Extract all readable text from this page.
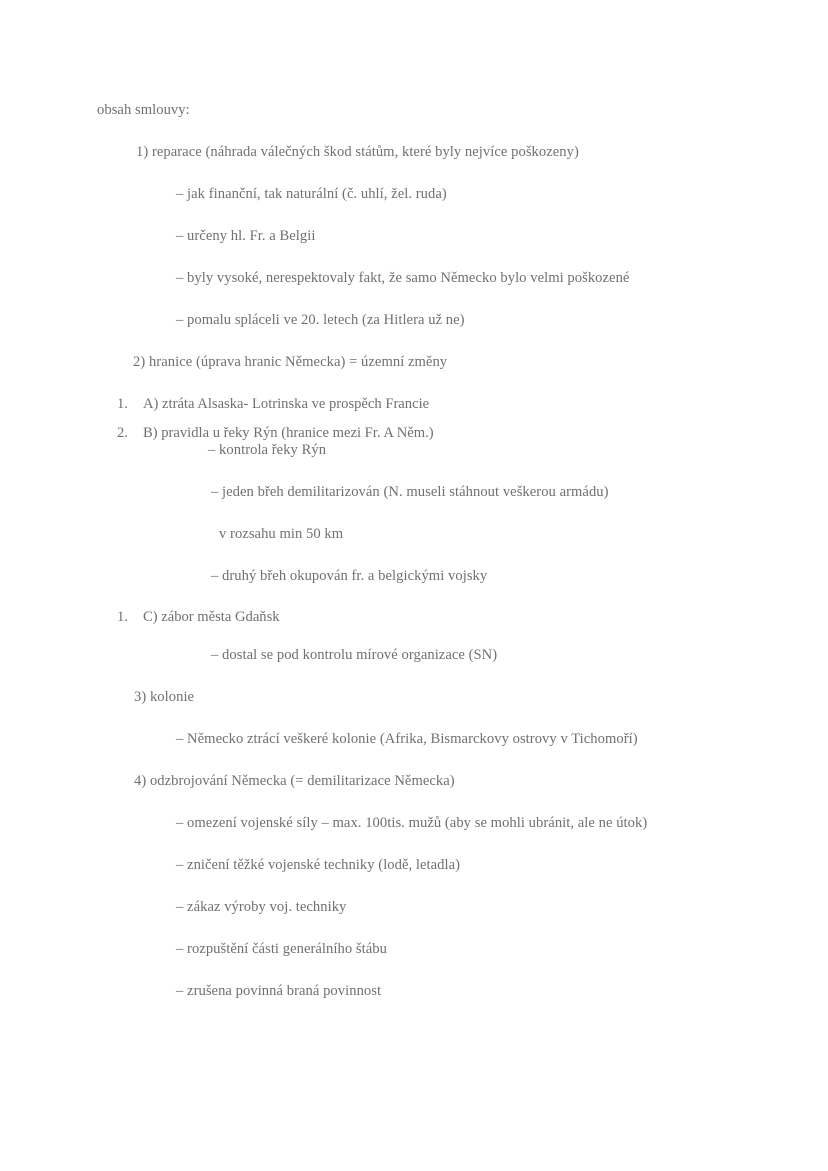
obsah smlouvy:
1) reparace (náhrada válečných škod státům, které byly nejvíce poškozeny)
– jak finanční, tak naturální (č. uhlí, žel. ruda)
– určeny hl. Fr. a Belgii
– byly vysoké, nerespektovaly fakt, že samo Německo bylo velmi poškozené
– pomalu spláceli ve 20. letech (za Hitlera už ne)
2) hranice (úprava hranic Německa) = územní změny
1.	A) ztráta Alsaska- Lotrinska ve prospěch Francie
2.	B) pravidla u řeky Rýn (hranice mezi Fr. A Něm.)
– kontrola řeky Rýn
– jeden břeh demilitarizován (N. museli stáhnout veškerou armádu)
v rozsahu min 50 km
– druhý břeh okupován fr. a belgickými vojsky
1.	C) zábor města Gdaňsk
– dostal se pod kontrolu mírové organizace (SN)
3) kolonie
– Německo ztrácí veškeré kolonie (Afrika, Bismarckovy ostrovy v Tichomoří)
4) odzbrojování Německa (= demilitarizace Německa)
– omezení vojenské síly – max. 100tis. mužů (aby se mohli ubránit, ale ne útok)
– zničení těžké vojenské techniky (lodě, letadla)
– zákaz výroby voj. techniky
– rozpuštění části generálního štábu
– zrušena povinná braná povinnost
